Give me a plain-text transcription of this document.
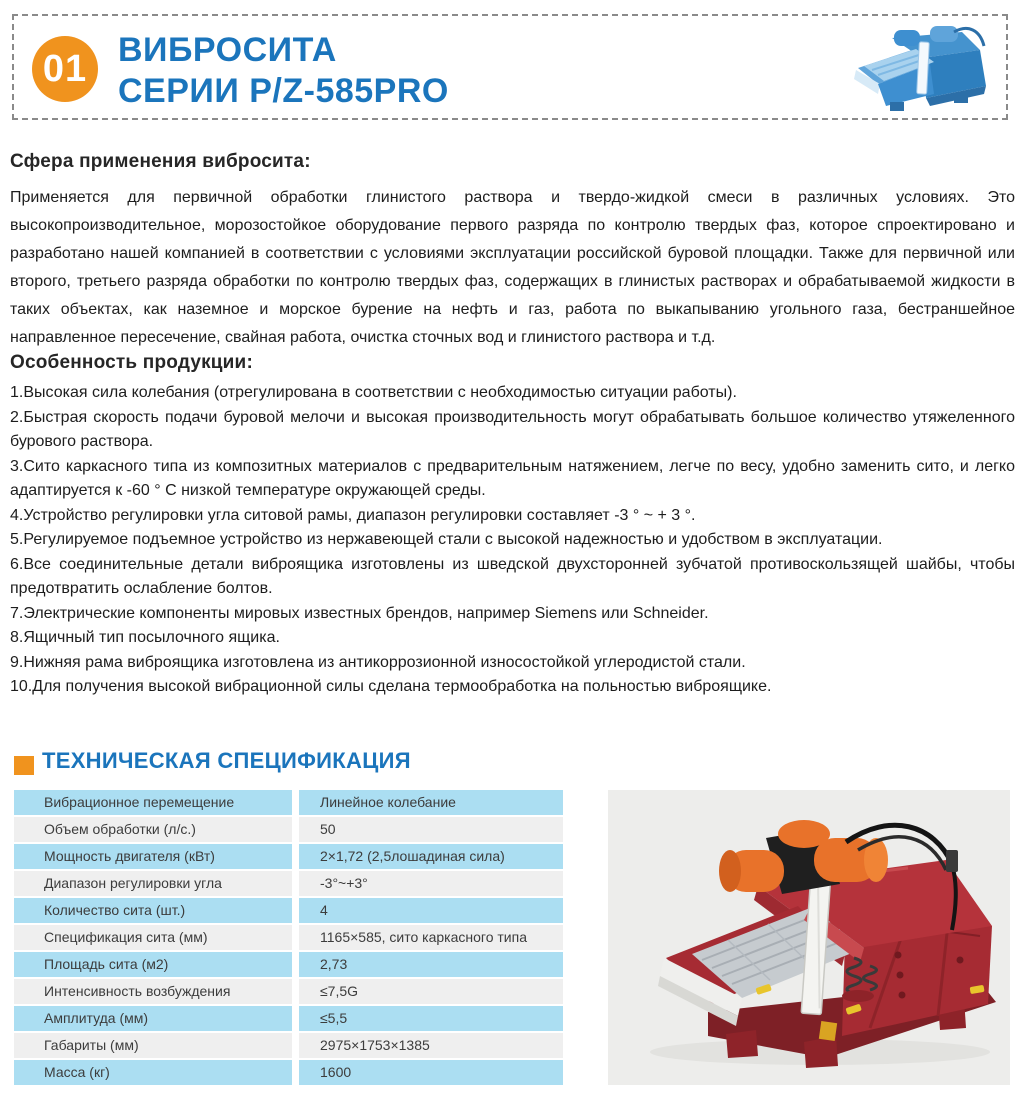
01 ВИБРОСИТА
СЕРИИ P/Z-585PRO
Сфера применения вибросита:
Применяется для первичной обработки глинистого раствора и твердо-жидкой смеси в различных условиях. Это высокопроизводительное, морозостойкое оборудование первого разряда по контролю твердых фаз, которое спроектировано и разработано нашей компанией в соответствии с условиями эксплуатации российской буровой площадки. Также для первичной или второго, третьего разряда обработки по контролю твердых фаз, содержащих в глинистых растворах и обрабатываемой жидкости в таких объектах, как наземное и морское бурение на нефть и газ, работа по выкапыванию угольного газа, бестраншейное направленное пересечение, свайная работа, очистка сточных вод и глинистого раствора и т.д.
Особенность продукции:

1.Высокая сила колебания (отрегулирована в соответствии с необходимостью ситуации работы).

2.Быстрая скорость подачи буровой мелочи и высокая производительность могут обрабатывать большое количество утяжеленного бурового раствора.

3.Сито каркасного типа из композитных материалов с предварительным натяжением, легче по весу, удобно заменить сито, и легко адаптируется к -60 ° С низкой температуре окружающей среды.

4.Устройство регулировки угла ситовой рамы, диапазон регулировки составляет -3 ° ~ + 3 °.

5.Регулируемое подъемное устройство из нержавеющей стали с высокой надежностью и удобством в эксплуатации.

6.Все соединительные детали виброящика изготовлены из шведской двухсторонней зубчатой противоскользящей шайбы, чтобы предотвратить ослабление болтов.

7.Электрические компоненты мировых известных брендов, например Siemens или Schneider.

8.Ящичный тип посылочного ящика.

9.Нижняя рама виброящика изготовлена из антикоррозионной износостойкой углеродистой стали.

10.Для получения высокой вибрационной силы сделана термообработка на польностью виброящике.

ТЕХНИЧЕСКАЯ СПЕЦИФИКАЦИЯ
Вибрационное перемещение	Линейное колебание
Объем обработки (л/с.)	50
Мощность двигателя (кВт)	2×1,72 (2,5лошадиная сила)
Диапазон регулировки угла	-3°~+3°
Количество сита (шт.)	4
Спецификация сита (мм)	1165×585, сито каркасного типа
Площадь сита (м2)	2,73
Интенсивность возбуждения	≤7,5G
Амплитуда (мм)	≤5,5
Габариты (мм)	2975×1753×1385
Масса (кг)	1600
